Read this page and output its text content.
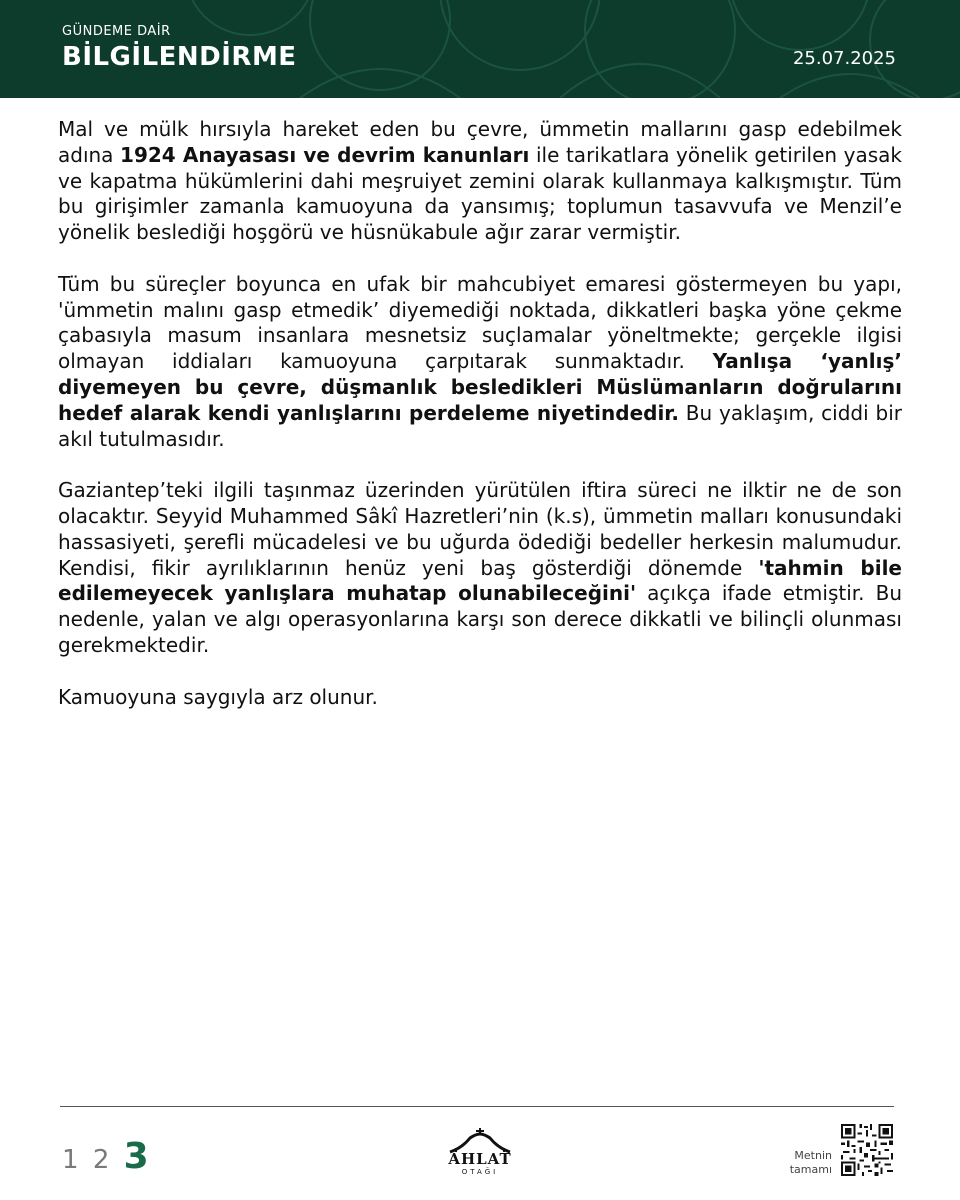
GÜNDEME DAİR
BİLGİLENDİRME	25.07.2025

Mal ve mülk hırsıyla hareket eden bu çevre, ümmetin mallarını gasp edebilmek adına 1924 Anayasası ve devrim kanunları ile tarikatlara yönelik getirilen yasak ve kapatma hükümlerini dahi meşruiyet zemini olarak kullanmaya kalkışmıştır. Tüm bu girişimler zamanla kamuoyuna da yansımış; toplumun tasavvufa ve Menzil’e yönelik beslediği hoşgörü ve hüsnükabule ağır zarar vermiştir.

Tüm bu süreçler boyunca en ufak bir mahcubiyet emaresi göstermeyen bu yapı, 'ümmetin malını gasp etmedik’ diyemediği noktada, dikkatleri başka yöne çekme çabasıyla masum insanlara mesnetsiz suçlamalar yöneltmekte; gerçekle ilgisi olmayan iddiaları kamuoyuna çarpıtarak sunmaktadır. Yanlışa ‘yanlış’ diyemeyen bu çevre, düşmanlık besledikleri Müslümanların doğrularını hedef alarak kendi yanlışlarını perdeleme niyetindedir. Bu yaklaşım, ciddi bir akıl tutulmasıdır.

Gaziantep’teki ilgili taşınmaz üzerinden yürütülen iftira süreci ne ilktir ne de son olacaktır. Seyyid Muhammed Sâkî Hazretleri’nin (k.s), ümmetin malları konusundaki hassasiyeti, şerefli mücadelesi ve bu uğurda ödediği bedeller herkesin malumudur. Kendisi, fikir ayrılıklarının henüz yeni baş gösterdiği dönemde 'tahmin bile edilemeyecek yanlışlara muhatap olunabileceğini' açıkça ifade etmiştir. Bu nedenle, yalan ve algı operasyonlarına karşı son derece dikkatli ve bilinçli olunması gerekmektedir.

Kamuoyuna saygıyla arz olunur.

1 2 3	AHLAT
OTAĞI
Metnin
tamamı
